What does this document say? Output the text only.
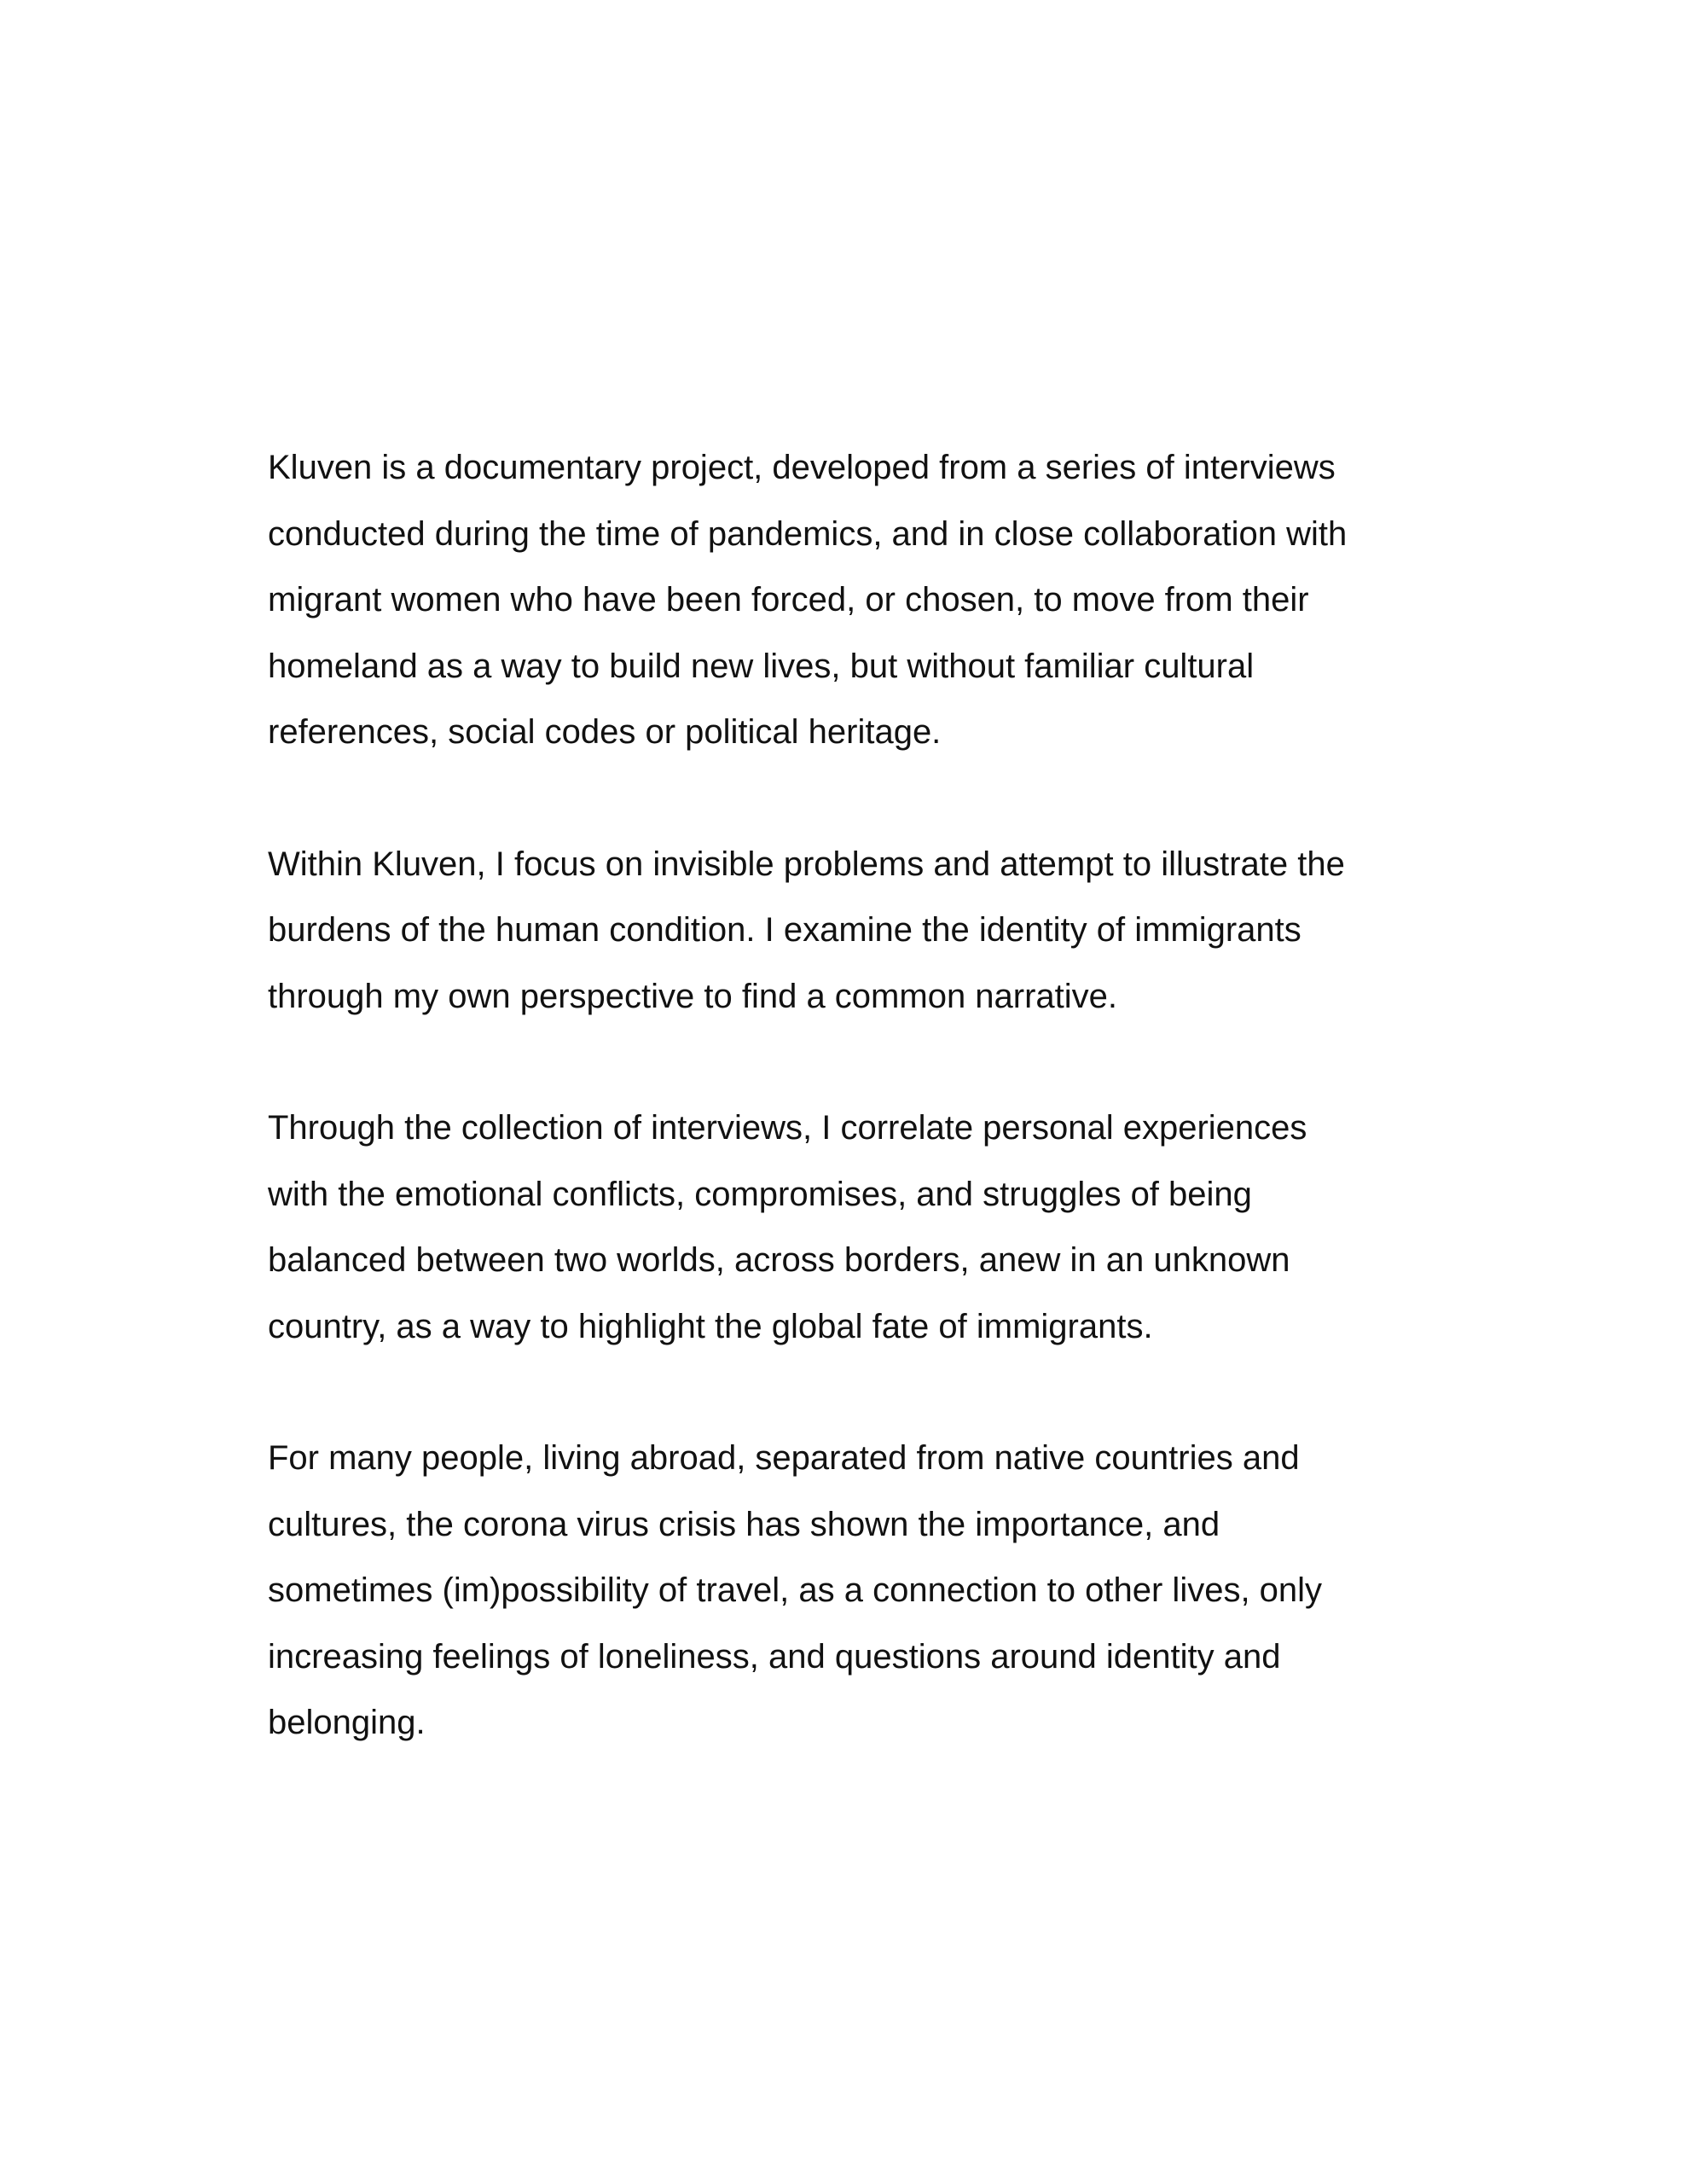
Kluven is a documentary project, developed from a series of interviews
conducted during the time of pandemics, and in close collaboration with
migrant women who have been forced, or chosen, to move from their
homeland as a way to build new lives, but without familiar cultural
references, social codes or political heritage.

Within Kluven, I focus on invisible problems and attempt to illustrate the
burdens of the human condition. I examine the identity of immigrants
through my own perspective to find a common narrative.

Through the collection of interviews, I correlate personal experiences
with the emotional conflicts, compromises, and struggles of being
balanced between two worlds, across borders, anew in an unknown
country, as a way to highlight the global fate of immigrants.

For many people, living abroad, separated from native countries and
cultures, the corona virus crisis has shown the importance, and
sometimes (im)possibility of travel, as a connection to other lives, only
increasing feelings of loneliness, and questions around identity and
belonging.
